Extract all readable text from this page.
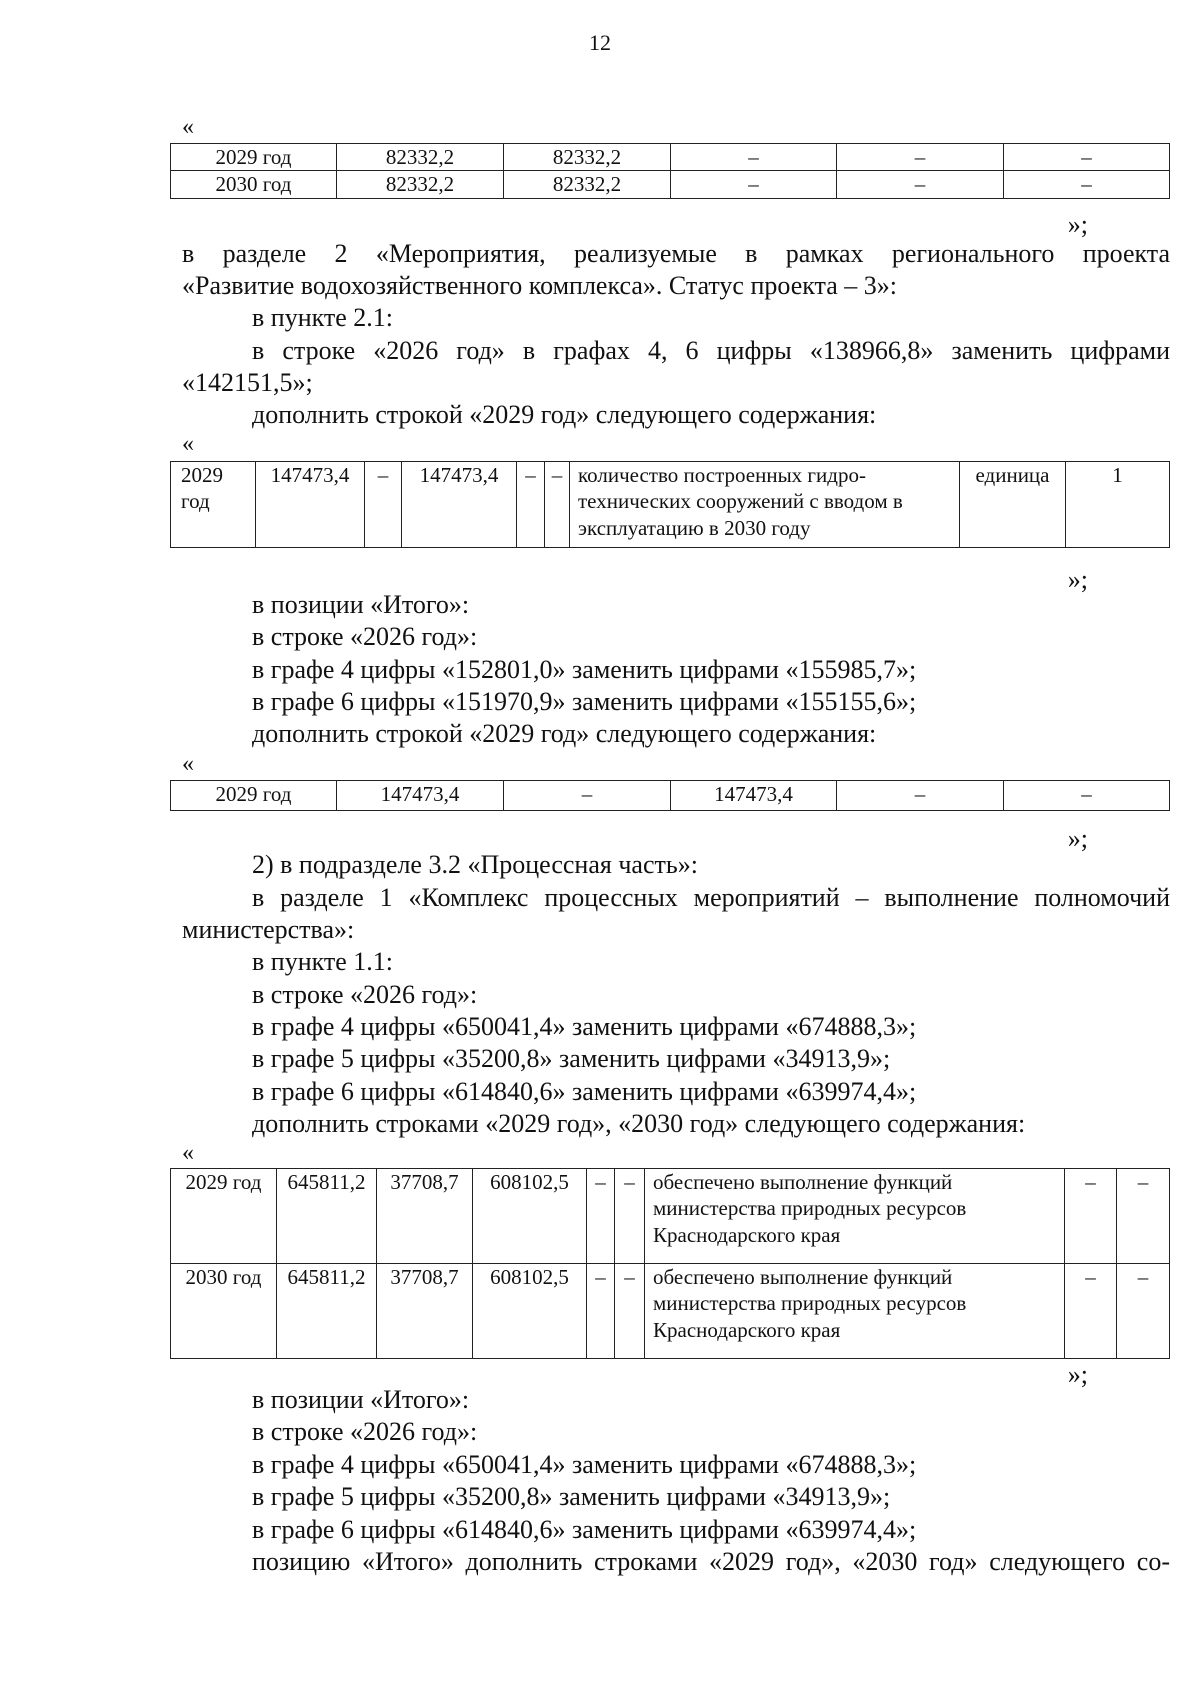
12
«
2029 год	82332,2	82332,2	–	–	–
2030 год	82332,2	82332,2	–	–	–
»;
в разделе 2 «Мероприятия, реализуемые в рамках регионального проекта
«Развитие водохозяйственного комплекса». Статус проекта – 3»:
в пункте 2.1:
в строке «2026 год» в графах 4, 6 цифры «138966,8» заменить цифрами
«142151,5»;
дополнить строкой «2029 год» следующего содержания:
«
2029 год	147473,4	–	147473,4	–	–	количество построенных гидро-технических сооружений с вводом в эксплуатацию в 2030 году	единица	1
»;
в позиции «Итого»:
в строке «2026 год»:
в графе 4 цифры «152801,0» заменить цифрами «155985,7»;
в графе 6 цифры «151970,9» заменить цифрами «155155,6»;
дополнить строкой «2029 год» следующего содержания:
«
2029 год	147473,4	–	147473,4	–	–
»;
2) в подразделе 3.2 «Процессная часть»:
в разделе 1 «Комплекс процессных мероприятий – выполнение полномочий
министерства»:
в пункте 1.1:
в строке «2026 год»:
в графе 4 цифры «650041,4» заменить цифрами «674888,3»;
в графе 5 цифры «35200,8» заменить цифрами «34913,9»;
в графе 6 цифры «614840,6» заменить цифрами «639974,4»;
дополнить строками «2029 год», «2030 год» следующего содержания:
«
2029 год	645811,2	37708,7	608102,5	–	–	обеспечено выполнение функций министерства природных ресурсов Краснодарского края	–	–
2030 год	645811,2	37708,7	608102,5	–	–	обеспечено выполнение функций министерства природных ресурсов Краснодарского края	–	–
»;
в позиции «Итого»:
в строке «2026 год»:
в графе 4 цифры «650041,4» заменить цифрами «674888,3»;
в графе 5 цифры «35200,8» заменить цифрами «34913,9»;
в графе 6 цифры «614840,6» заменить цифрами «639974,4»;
позицию «Итого» дополнить строками «2029 год», «2030 год» следующего со-
